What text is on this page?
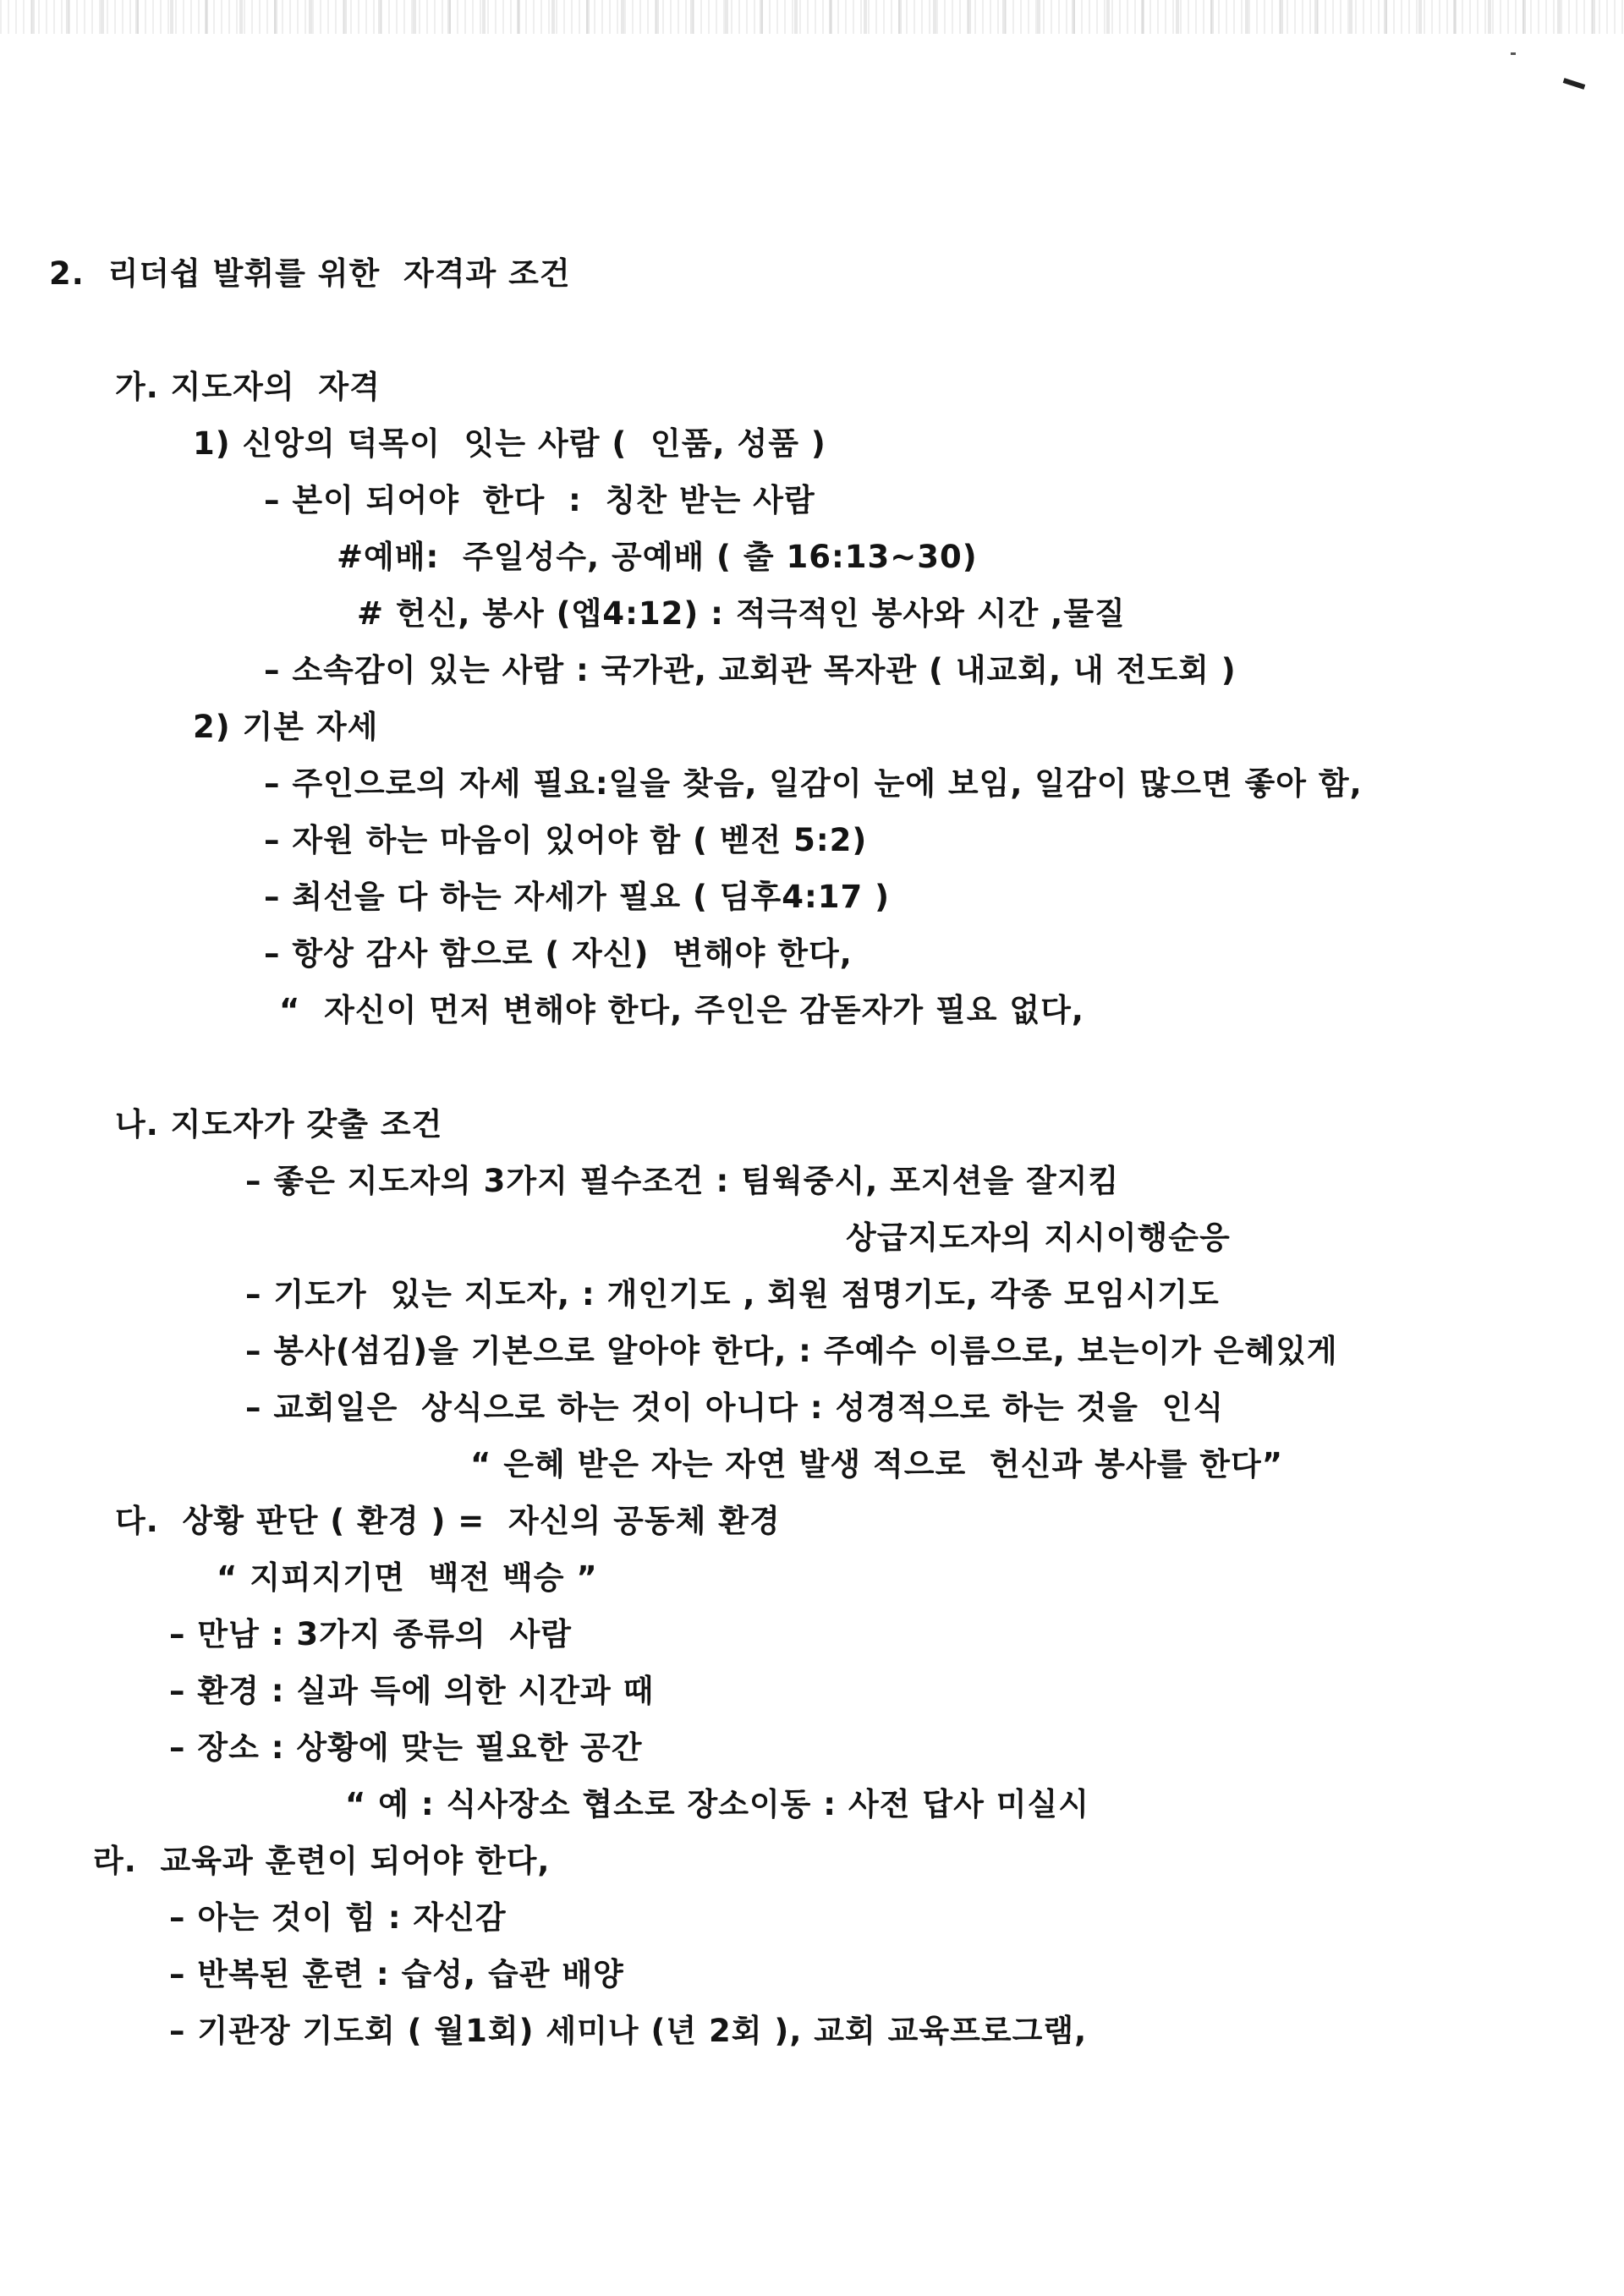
2.  리더쉽 발휘를 위한  자격과 조건
가. 지도자의  자격
1) 신앙의 덕목이  잇는 사람 (  인품, 성품 )
– 본이 되어야  한다  :  칭찬 받는 사람
#예배:  주일성수, 공예배 ( 출 16:13~30)
# 헌신, 봉사 (엡4:12) : 적극적인 봉사와 시간 ,물질
– 소속감이 있는 사람 : 국가관, 교회관 목자관 ( 내교회, 내 전도회 )
2) 기본 자세
– 주인으로의 자세 필요:일을 찾음, 일감이 눈에 보임, 일감이 많으면 좋아 함,
– 자원 하는 마음이 있어야 함 ( 벧전 5:2)
– 최선을 다 하는 자세가 필요 ( 딤후4:17 )
– 항상 감사 함으로 ( 자신)  변해야 한다,
“  자신이 먼저 변해야 한다, 주인은 감돋자가 필요 없다,
나. 지도자가 갖출 조건
– 좋은 지도자의 3가지 필수조건 : 팀웍중시, 포지션을 잘지킴
상급지도자의 지시이행순응
– 기도가  있는 지도자, : 개인기도 , 회원 점명기도, 각종 모임시기도
– 봉사(섬김)을 기본으로 알아야 한다, : 주예수 이름으로, 보는이가 은혜있게
– 교회일은  상식으로 하는 것이 아니다 : 성경적으로 하는 것을  인식
“ 은혜 받은 자는 자연 발생 적으로  헌신과 봉사를 한다”
다.  상황 판단 ( 환경 ) =  자신의 공동체 환경
“ 지피지기면  백전 백승 ”
– 만남 : 3가지 종류의  사람
– 환경 : 실과 득에 의한 시간과 때
– 장소 : 상황에 맞는 필요한 공간
“ 예 : 식사장소 협소로 장소이동 : 사전 답사 미실시
라.  교육과 훈련이 되어야 한다,
– 아는 것이 힘 : 자신감
– 반복된 훈련 : 습성, 습관 배양
– 기관장 기도회 ( 월1회) 세미나 (년 2회 ), 교회 교육프로그램,
